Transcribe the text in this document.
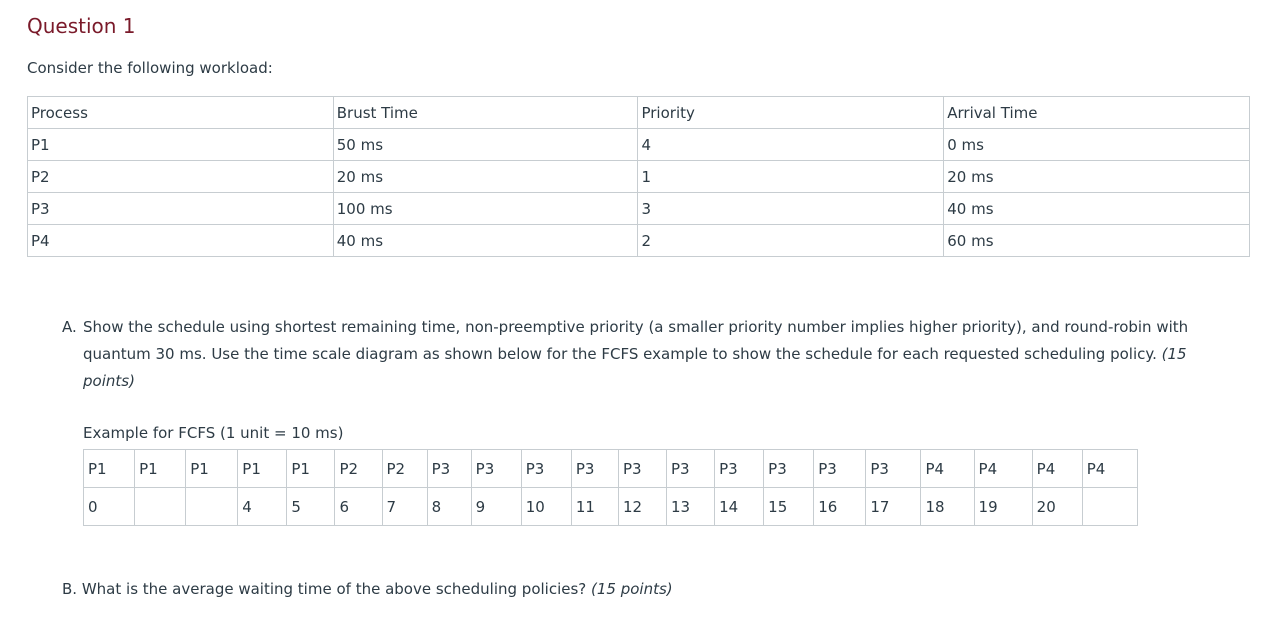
Question 1
Consider the following workload:
Process	Brust Time	Priority	Arrival Time
P1	50 ms	4	0 ms
P2	20 ms	1	20 ms
P3	100 ms	3	40 ms
P4	40 ms	2	60 ms
A. Show the schedule using shortest remaining time, non-preemptive priority (a smaller priority number implies higher priority), and round-robin with quantum 30 ms. Use the time scale diagram as shown below for the FCFS example to show the schedule for each requested scheduling policy. (15 points)
Example for FCFS (1 unit = 10 ms)
P1	P1	P1	P1	P1	P2	P2	P3	P3	P3	P3	P3	P3	P3	P3	P3	P3	P4	P4	P4	P4
0			4	5	6	7	8	9	10	11	12	13	14	15	16	17	18	19	20	
B. What is the average waiting time of the above scheduling policies? (15 points)
